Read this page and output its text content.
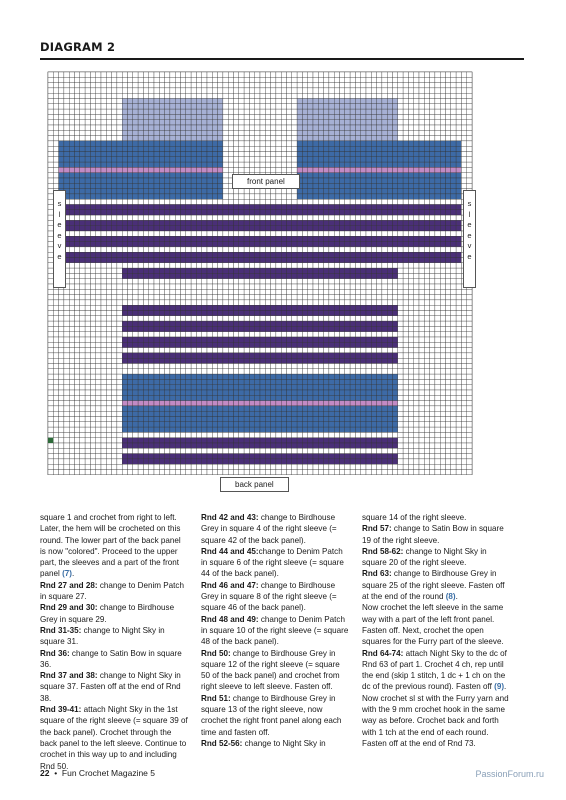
DIAGRAM 2
s
l
e
e
v
e
s
l
e
e
v
e
front panel
back panel

square 1 and crochet from right to left. Later, the hem will be crocheted on this round. The lower part of the back panel is now "colored". Proceed to the upper part, the sleeves and a part of the front panel (7).

Rnd 27 and 28: change to Denim Patch in square 27.

Rnd 29 and 30: change to Birdhouse Grey in square 29.

Rnd 31-35: change to Night Sky in square 31.

Rnd 36: change to Satin Bow in square 36.

Rnd 37 and 38: change to Night Sky in square 37. Fasten off at the end of Rnd 38.

Rnd 39-41: attach Night Sky in the 1st square of the right sleeve (= square 39 of the back panel). Crochet through the back panel to the left sleeve. Continue to crochet in this way up to and including Rnd 50.

Rnd 42 and 43: change to Birdhouse Grey in square 4 of the right sleeve (= square 42 of the back panel).

Rnd 44 and 45:change to Denim Patch in square 6 of the right sleeve (= square 44 of the back panel).

Rnd 46 and 47: change to Birdhouse Grey in square 8 of the right sleeve (= square 46 of the back panel).

Rnd 48 and 49: change to Denim Patch in square 10 of the right sleeve (= square 48 of the back panel).

Rnd 50: change to Birdhouse Grey in square 12 of the right sleeve (= square 50 of the back panel) and crochet from right sleeve to left sleeve. Fasten off.

Rnd 51: change to Birdhouse Grey in square 13 of the right sleeve, now crochet the right front panel along each time and fasten off.

Rnd 52-56: change to Night Sky in

square 14 of the right sleeve.

Rnd 57: change to Satin Bow in square 19 of the right sleeve.

Rnd 58-62: change to Night Sky in square 20 of the right sleeve.

Rnd 63: change to Birdhouse Grey in square 25 of the right sleeve. Fasten off at the end of the round (8).

Now crochet the left sleeve in the same way with a part of the left front panel. Fasten off. Next, crochet the open squares for the Furry part of the sleeve.

Rnd 64-74: attach Night Sky to the dc of Rnd 63 of part 1. Crochet 4 ch, rep until the end (skip 1 stitch, 1 dc + 1 ch on the dc of the previous round). Fasten off (9).

Now crochet sl st with the Furry yarn and with the 9 mm crochet hook in the same way as before. Crochet back and forth with 1 tch at the end of each round. Fasten off at the end of Rnd 73.

22 • Fun Crochet Magazine 5	PassionForum.ru
